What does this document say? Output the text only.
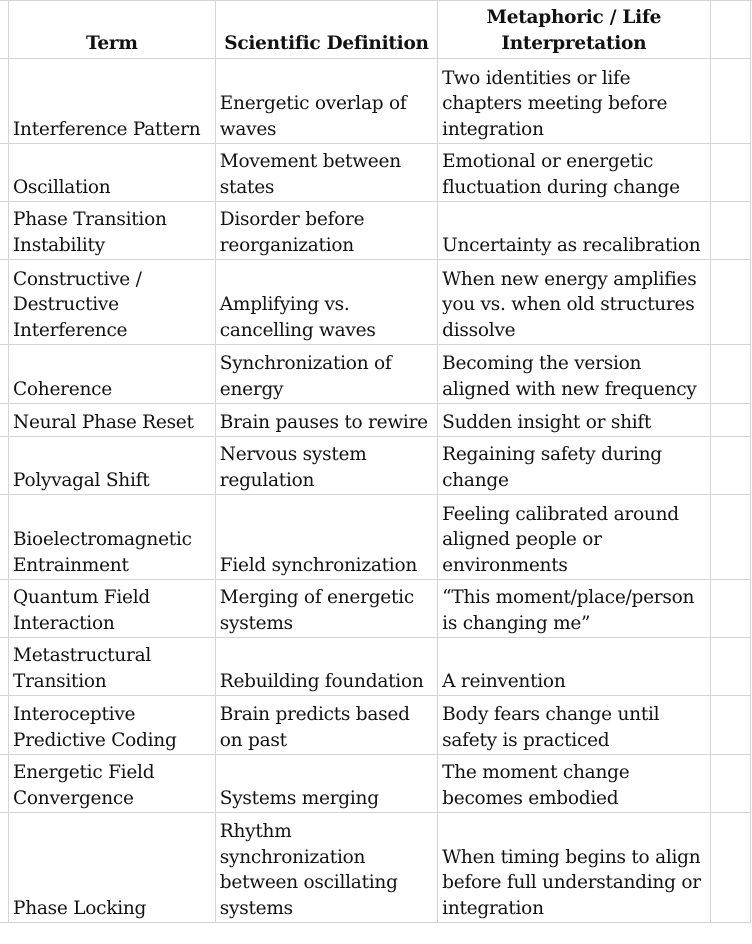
	Term	Scientific Definition	Metaphoric / Life Interpretation	
	Interference Pattern	Energetic overlap of waves	Two identities or life chapters meeting before integration	
	Oscillation	Movement between states	Emotional or energetic fluctuation during change	
	Phase Transition Instability	Disorder before reorganization	Uncertainty as recalibration	
	Constructive / Destructive Interference	Amplifying vs. cancelling waves	When new energy amplifies you vs. when old structures dissolve	
	Coherence	Synchronization of energy	Becoming the version aligned with new frequency	
	Neural Phase Reset	Brain pauses to rewire	Sudden insight or shift	
	Polyvagal Shift	Nervous system regulation	Regaining safety during change	
	Bioelectromagnetic Entrainment	Field synchronization	Feeling calibrated around aligned people or environments	
	Quantum Field Interaction	Merging of energetic systems	“This moment/place/person is changing me”	
	Metastructural Transition	Rebuilding foundation	A reinvention	
	Interoceptive Predictive Coding	Brain predicts based on past	Body fears change until safety is practiced	
	Energetic Field Convergence	Systems merging	The moment change becomes embodied	
	Phase Locking	Rhythm synchronization between oscillating systems	When timing begins to align before full understanding or integration	
